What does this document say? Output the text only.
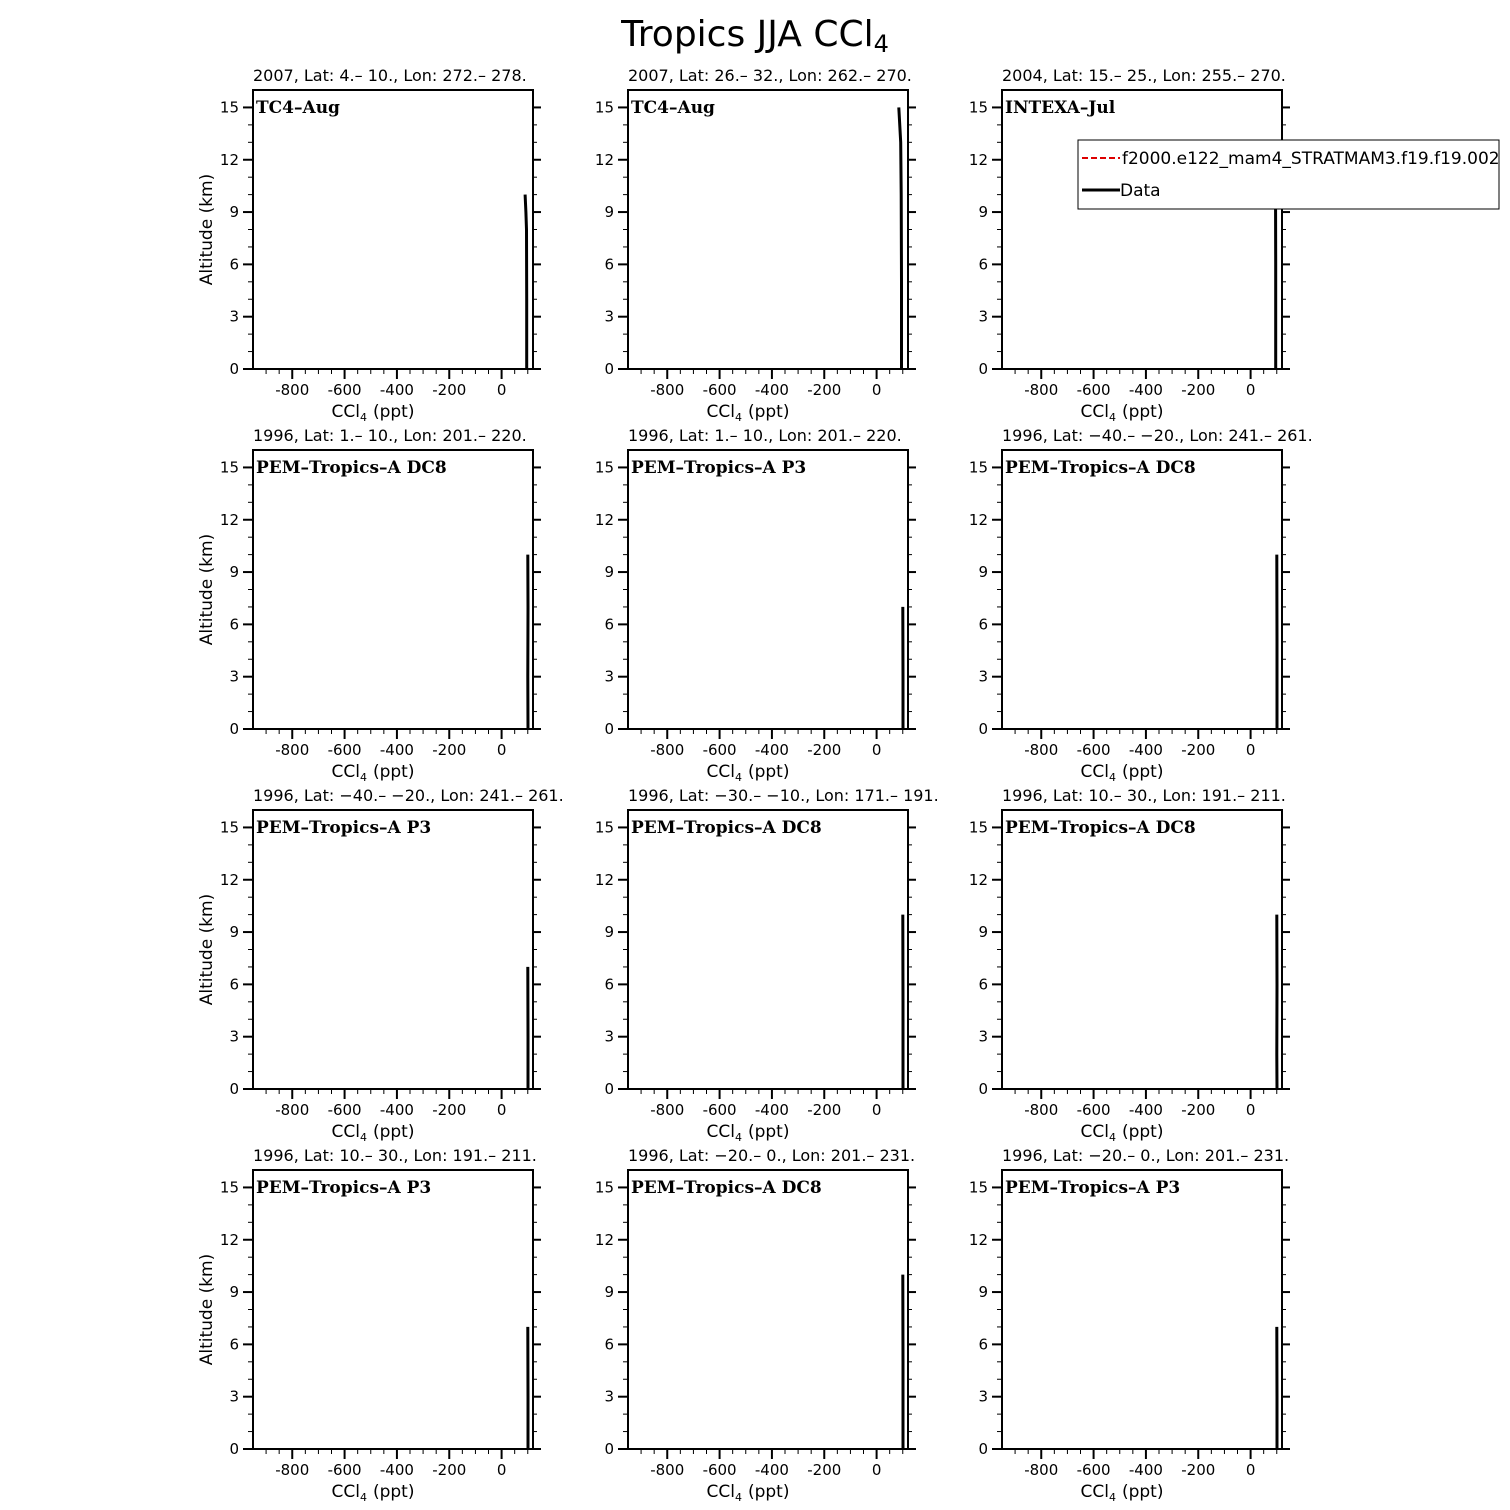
Tropics JJA CCl4
2007, Lat: 4.– 10., Lon: 272.– 278.
-800 -600 -400 -200 0
0
3
6
9
12
15
CCl$_4$ (ppt)
Altitude (km)
TC4–Aug
2007, Lat: 26.– 32., Lon: 262.– 270.
-800 -600 -400 -200 0
0
3
6
9
12
15
CCl$_4$ (ppt)
TC4–Aug
2004, Lat: 15.– 25., Lon: 255.– 270.
-800 -600 -400 -200 0
0
3
6
9
12
15
CCl$_4$ (ppt)
INTEXA–Jul
1996, Lat: 1.– 10., Lon: 201.– 220.
-800 -600 -400 -200 0
0
3
6
9
12
15
CCl$_4$ (ppt)
Altitude (km)
PEM–Tropics–A DC8
1996, Lat: 1.– 10., Lon: 201.– 220.
-800 -600 -400 -200 0
0
3
6
9
12
15
CCl$_4$ (ppt)
PEM–Tropics–A P3
1996, Lat: −40.– −20., Lon: 241.– 261.
-800 -600 -400 -200 0
0
3
6
9
12
15
CCl$_4$ (ppt)
PEM–Tropics–A DC8
1996, Lat: −40.– −20., Lon: 241.– 261.
-800 -600 -400 -200 0
0
3
6
9
12
15
CCl$_4$ (ppt)
Altitude (km)
PEM–Tropics–A P3
1996, Lat: −30.– −10., Lon: 171.– 191.
-800 -600 -400 -200 0
0
3
6
9
12
15
CCl$_4$ (ppt)
PEM–Tropics–A DC8
1996, Lat: 10.– 30., Lon: 191.– 211.
-800 -600 -400 -200 0
0
3
6
9
12
15
CCl$_4$ (ppt)
PEM–Tropics–A DC8
1996, Lat: 10.– 30., Lon: 191.– 211.
-800 -600 -400 -200 0
0
3
6
9
12
15
CCl$_4$ (ppt)
Altitude (km)
PEM–Tropics–A P3
1996, Lat: −20.– 0., Lon: 201.– 231.
-800 -600 -400 -200 0
0
3
6
9
12
15
CCl$_4$ (ppt)
PEM–Tropics–A DC8
1996, Lat: −20.– 0., Lon: 201.– 231.
-800 -600 -400 -200 0
0
3
6
9
12
15
CCl$_4$ (ppt)
PEM–Tropics–A P3
f2000.e122_mam4_STRATMAM3.f19.f19.002
Data
